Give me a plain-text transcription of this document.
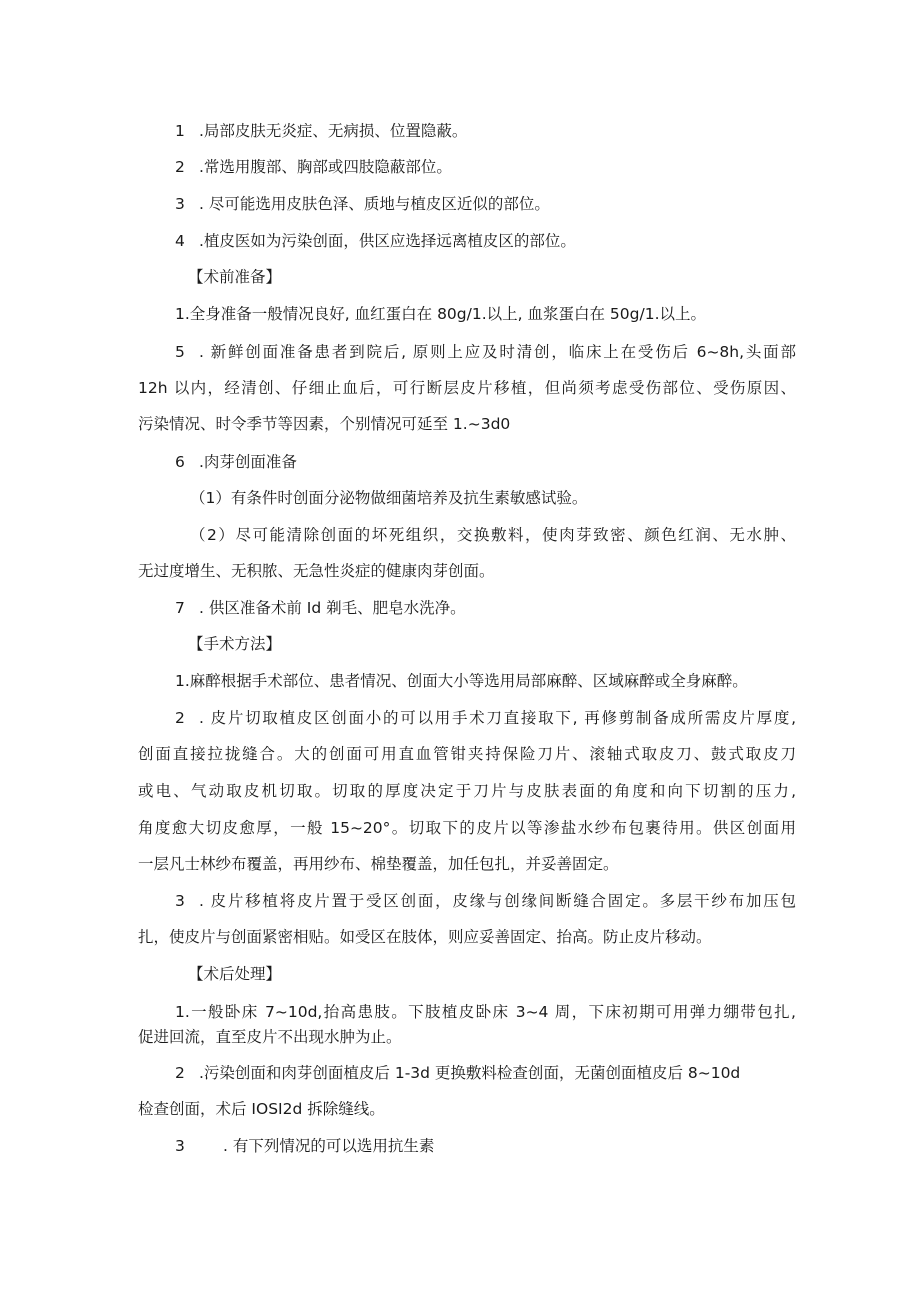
1 .局部皮肤无炎症、无病损、位置隐蔽。
2 .常选用腹部、胸部或四肢隐蔽部位。
3 . 尽可能选用皮肤色泽、质地与植皮区近似的部位。
4 .植皮医如为污染创面，供区应选择远离植皮区的部位。
【术前准备】
1.全身准备一般情况良好, 血红蛋白在 80g/1.以上, 血浆蛋白在 50g/1.以上。
5 . 新鲜创面准备患者到院后, 原则上应及时清创，临床上在受伤后 6~8h,头面部
12h 以内，经清创、仔细止血后，可行断层皮片移植，但尚须考虑受伤部位、受伤原因、
污染情况、时令季节等因素，个别情况可延至 1.~3d0
6 .肉芽创面准备
（1）有条件时创面分泌物做细菌培养及抗生素敏感试验。
（2）尽可能清除创面的坏死组织，交换敷料，使肉芽致密、颜色红润、无水肿、
无过度增生、无积脓、无急性炎症的健康肉芽创面。
7 . 供区准备术前 Id 剃毛、肥皂水洗净。
【手术方法】
1.麻醉根据手术部位、患者情况、创面大小等选用局部麻醉、区域麻醉或全身麻醉。
2 . 皮片切取植皮区创面小的可以用手术刀直接取下, 再修剪制备成所需皮片厚度,
创面直接拉拢缝合。大的创面可用直血管钳夹持保险刀片、滚轴式取皮刀、鼓式取皮刀
或电、气动取皮机切取。切取的厚度决定于刀片与皮肤表面的角度和向下切割的压力,
角度愈大切皮愈厚，一般 15~20°。切取下的皮片以等渗盐水纱布包裹待用。供区创面用
一层凡士林纱布覆盖，再用纱布、棉垫覆盖，加任包扎，并妥善固定。
3 . 皮片移植将皮片置于受区创面，皮缘与创缘间断缝合固定。多层干纱布加压包
扎，使皮片与创面紧密相贴。如受区在肢体，则应妥善固定、抬高。防止皮片移动。
【术后处理】
1.一般卧床 7~10d,抬高患肢。下肢植皮卧床 3~4 周，下床初期可用弹力绷带包扎,
促进回流，直至皮片不出现水肿为止。
2 .污染创面和肉芽创面植皮后 1-3d 更换敷料检查创面，无菌创面植皮后 8~10d
检查创面，术后 IOSI2d 拆除缝线。
3 . 有下列情况的可以选用抗生素
